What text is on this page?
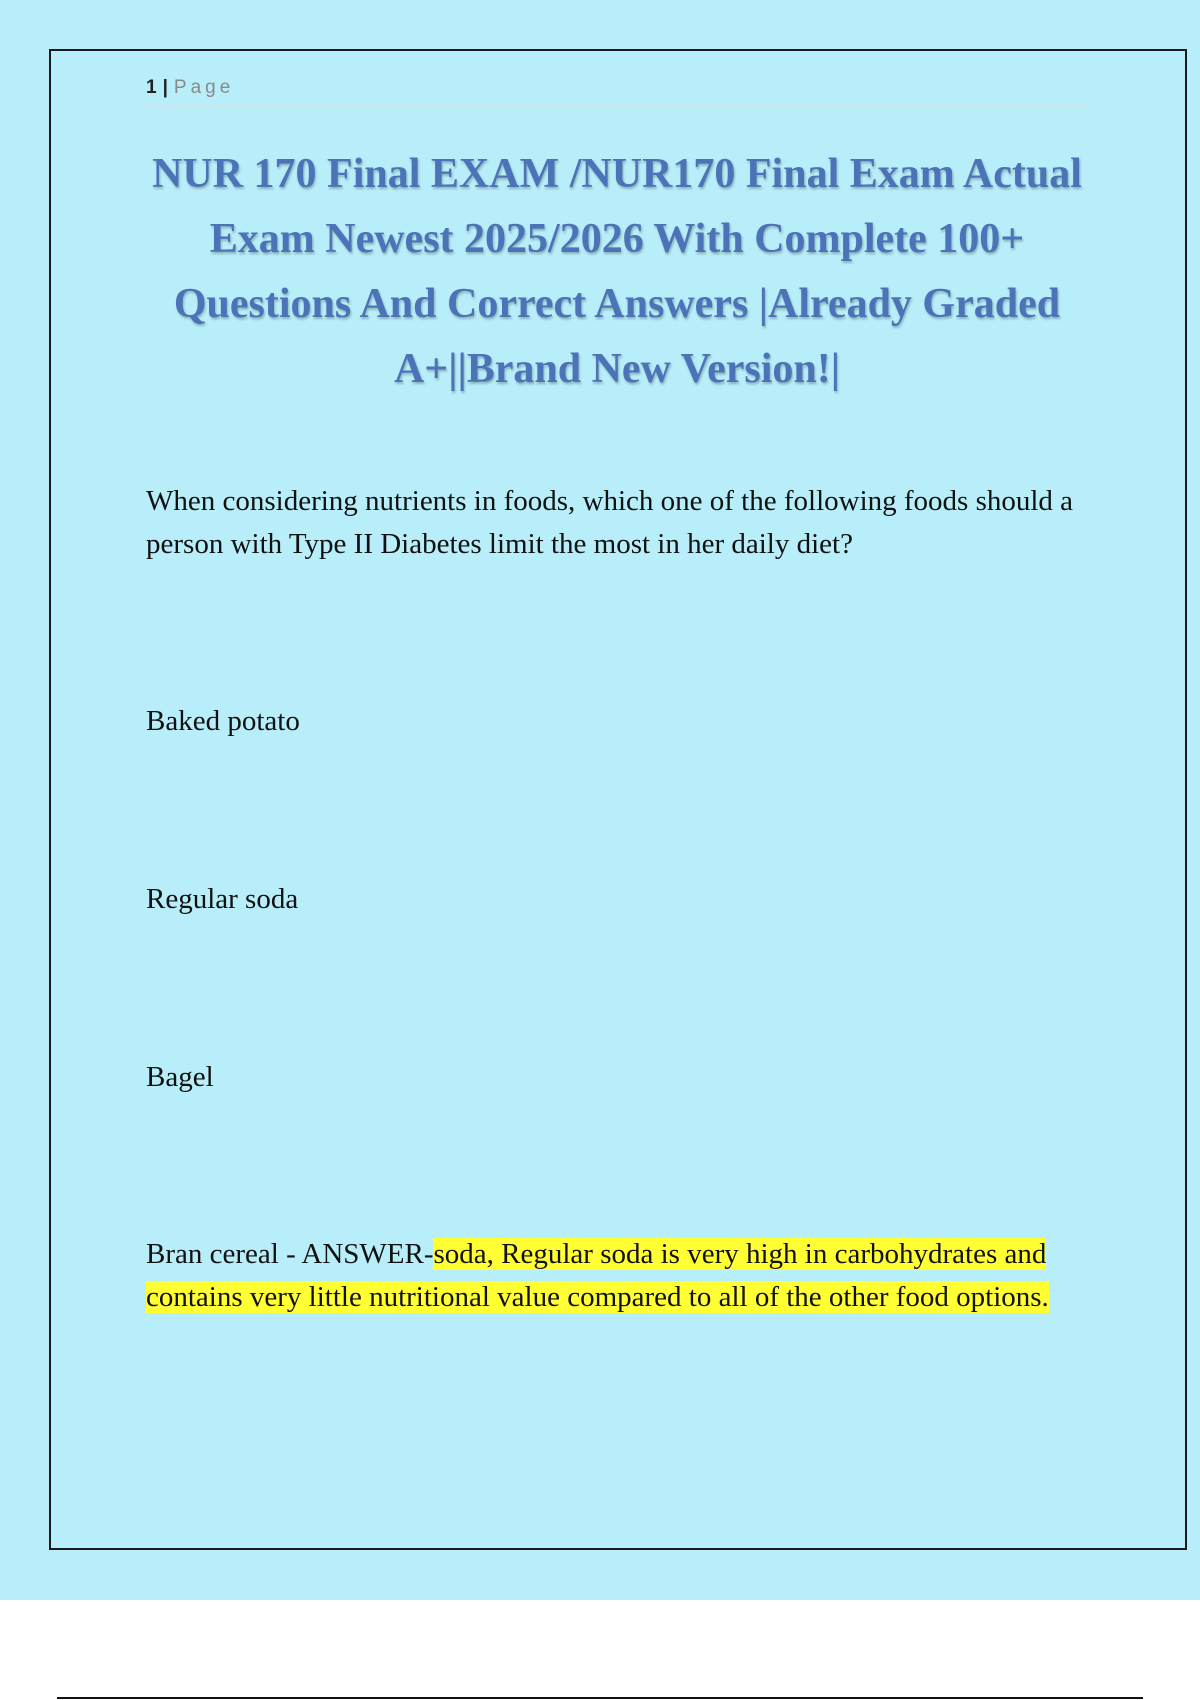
1 | Page
NUR 170 Final EXAM /NUR170 Final Exam Actual Exam Newest 2025/2026 With Complete 100+ Questions And Correct Answers |Already Graded A+||Brand New Version!|

When considering nutrients in foods, which one of the following foods should a person with Type II Diabetes limit the most in her daily diet?

Baked potato

Regular soda

Bagel

Bran cereal - ANSWER-soda, Regular soda is very high in carbohydrates and contains very little nutritional value compared to all of the other food options.
